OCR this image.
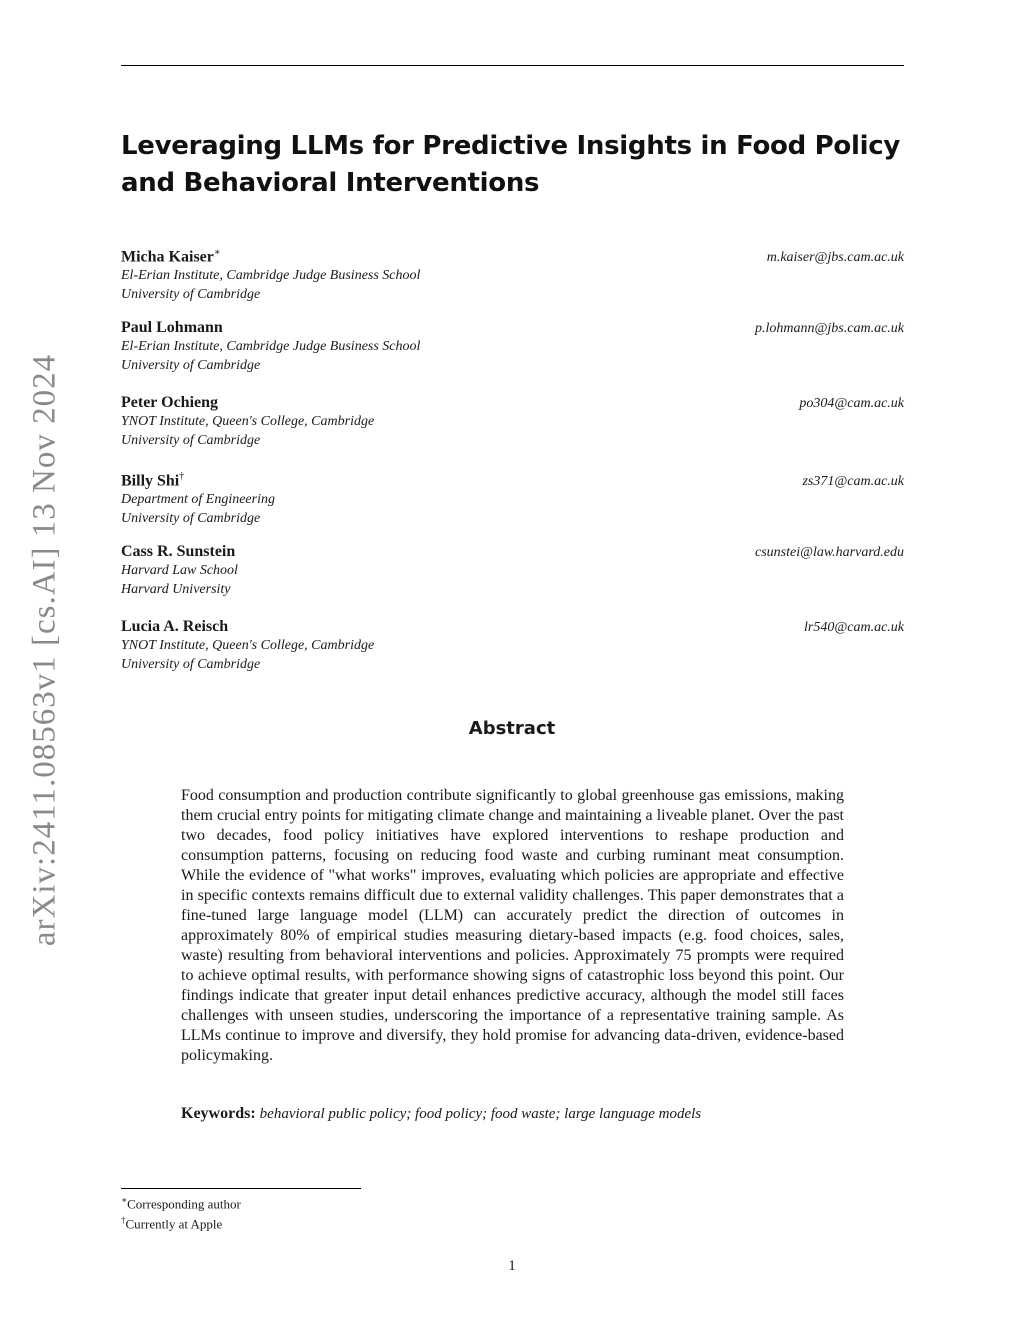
arXiv:2411.08563v1 [cs.AI] 13 Nov 2024
Leveraging LLMs for Predictive Insights in Food Policy and Behavioral Interventions
Micha Kaiser∗	m.kaiser@jbs.cam.ac.uk
El-Erian Institute, Cambridge Judge Business School
University of Cambridge
Paul Lohmann	p.lohmann@jbs.cam.ac.uk
El-Erian Institute, Cambridge Judge Business School
University of Cambridge
Peter Ochieng	po304@cam.ac.uk
YNOT Institute, Queen's College, Cambridge
University of Cambridge
Billy Shi†	zs371@cam.ac.uk
Department of Engineering
University of Cambridge
Cass R. Sunstein	csunstei@law.harvard.edu
Harvard Law School
Harvard University
Lucia A. Reisch	lr540@cam.ac.uk
YNOT Institute, Queen's College, Cambridge
University of Cambridge
Abstract
Food consumption and production contribute significantly to global greenhouse gas emissions, making them crucial entry points for mitigating climate change and maintaining a liveable planet. Over the past two decades, food policy initiatives have explored interventions to reshape production and consumption patterns, focusing on reducing food waste and curbing ruminant meat consumption. While the evidence of "what works" improves, evaluating which policies are appropriate and effective in specific contexts remains difficult due to external validity challenges. This paper demonstrates that a fine-tuned large language model (LLM) can accurately predict the direction of outcomes in approximately 80% of empirical studies measuring dietary-based impacts (e.g. food choices, sales, waste) resulting from behavioral interventions and policies. Approximately 75 prompts were required to achieve optimal results, with performance showing signs of catastrophic loss beyond this point. Our findings indicate that greater input detail enhances predictive accuracy, although the model still faces challenges with unseen studies, underscoring the importance of a representative training sample. As LLMs continue to improve and diversify, they hold promise for advancing data-driven, evidence-based policymaking.
Keywords: behavioral public policy; food policy; food waste; large language models
∗Corresponding author
†Currently at Apple
1
